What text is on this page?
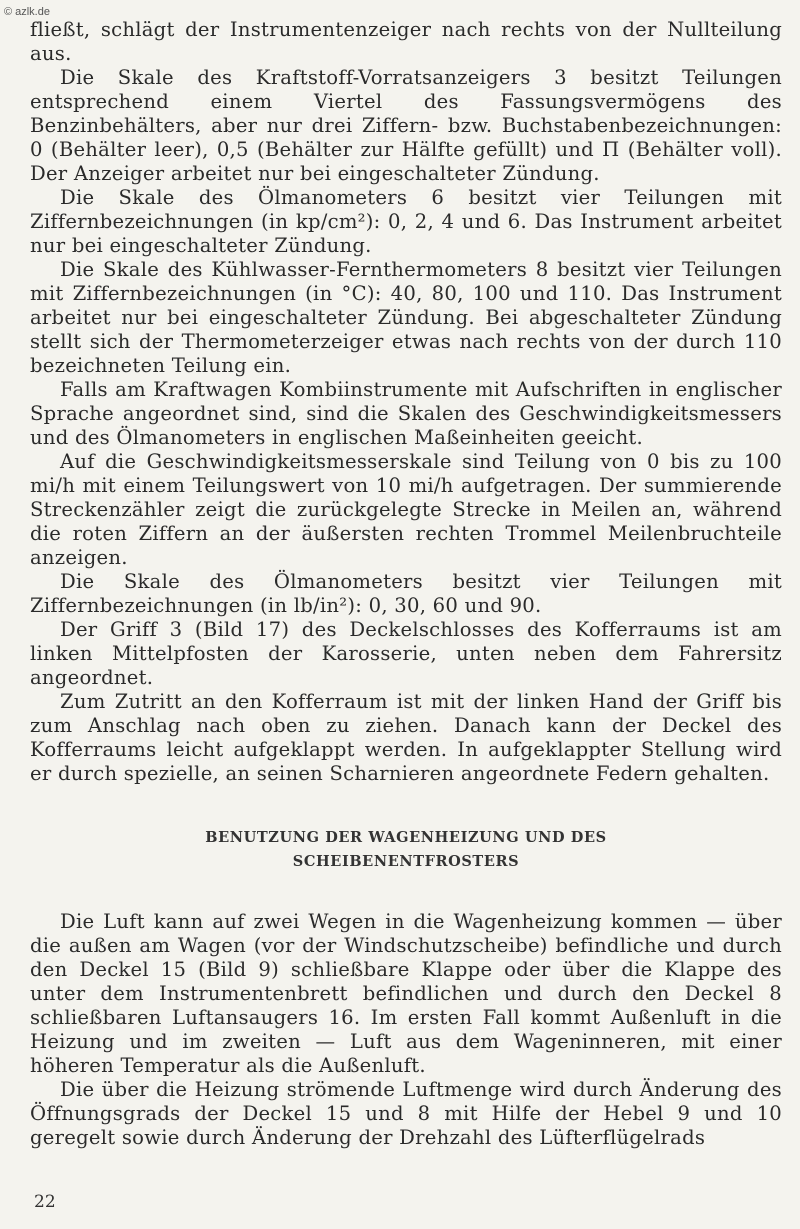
© azlk.de

fließt, schlägt der Instrumentenzeiger nach rechts von der Nullteilung aus.

Die Skale des Kraftstoff-Vorratsanzeigers 3 besitzt Teilungen entsprechend einem Viertel des Fassungsvermögens des Benzinbehälters, aber nur drei Ziffern- bzw. Buchstabenbezeichnungen: 0 (Behälter leer), 0,5 (Behälter zur Hälfte gefüllt) und П (Behälter voll). Der Anzeiger arbeitet nur bei eingeschalteter Zündung.

Die Skale des Ölmanometers 6 besitzt vier Teilungen mit Ziffernbezeichnungen (in kp/cm²): 0, 2, 4 und 6. Das Instrument arbeitet nur bei eingeschalteter Zündung.

Die Skale des Kühlwasser-Fernthermometers 8 besitzt vier Teilungen mit Ziffernbezeichnungen (in °C): 40, 80, 100 und 110. Das Instrument arbeitet nur bei eingeschalteter Zündung. Bei abgeschalteter Zündung stellt sich der Thermometerzeiger etwas nach rechts von der durch 110 bezeichneten Teilung ein.

Falls am Kraftwagen Kombiinstrumente mit Aufschriften in englischer Sprache angeordnet sind, sind die Skalen des Geschwindigkeitsmessers und des Ölmanometers in englischen Maßeinheiten geeicht.

Auf die Geschwindigkeitsmesserskale sind Teilung von 0 bis zu 100 mi/h mit einem Teilungswert von 10 mi/h aufgetragen. Der summierende Streckenzähler zeigt die zurückgelegte Strecke in Meilen an, während die roten Ziffern an der äußersten rechten Trommel Meilenbruchteile anzeigen.

Die Skale des Ölmanometers besitzt vier Teilungen mit Ziffernbezeichnungen (in lb/in²): 0, 30, 60 und 90.

Der Griff 3 (Bild 17) des Deckelschlosses des Kofferraums ist am linken Mittelpfosten der Karosserie, unten neben dem Fahrersitz angeordnet.

Zum Zutritt an den Kofferraum ist mit der linken Hand der Griff bis zum Anschlag nach oben zu ziehen. Danach kann der Deckel des Kofferraums leicht aufgeklappt werden. In aufgeklappter Stellung wird er durch spezielle, an seinen Scharnieren angeordnete Federn gehalten.

BENUTZUNG DER WAGENHEIZUNG UND DES
SCHEIBENENTFROSTERS

Die Luft kann auf zwei Wegen in die Wagenheizung kommen — über die außen am Wagen (vor der Windschutzscheibe) befindliche und durch den Deckel 15 (Bild 9) schließbare Klappe oder über die Klappe des unter dem Instrumentenbrett befindlichen und durch den Deckel 8 schließbaren Luftansaugers 16. Im ersten Fall kommt Außenluft in die Heizung und im zweiten — Luft aus dem Wageninneren, mit einer höheren Temperatur als die Außenluft.

Die über die Heizung strömende Luftmenge wird durch Änderung des Öffnungsgrads der Deckel 15 und 8 mit Hilfe der Hebel 9 und 10 geregelt sowie durch Änderung der Drehzahl des Lüfterflügelrads

22
